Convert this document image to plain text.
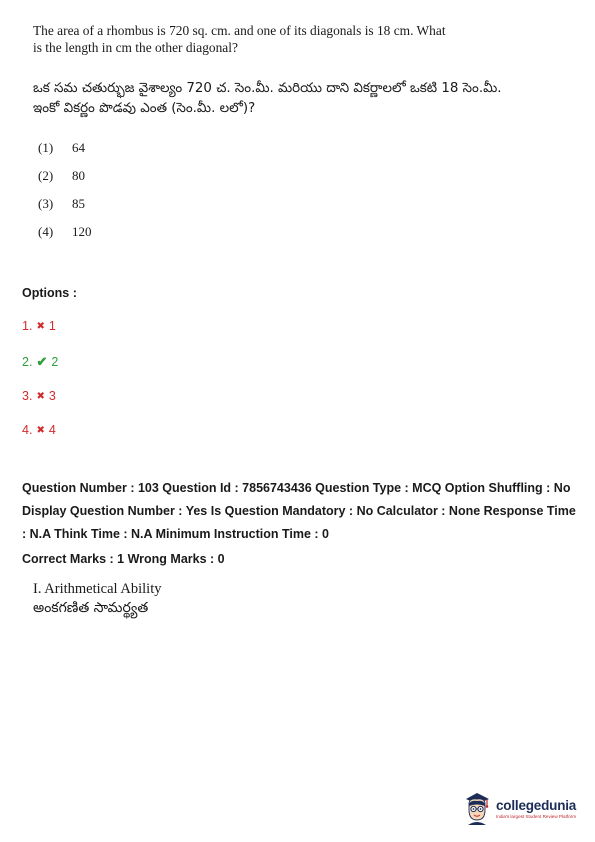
The area of a rhombus is 720 sq. cm. and one of its diagonals is 18 cm. What is the length in cm the other diagonal?
ఒక సమ చతుర్భుజ వైశాల్యం 720 చ. సెం.మీ. మరియు దాని వికర్ణాలలో ఒకటి 18 సెం.మీ. ఇంకో వికర్ణం పొడవు ఎంత (సెం.మీ. లలో)?
(1)	64
(2)	80
(3)	85
(4)	120
Options :
1. ✖ 1
2. ✔ 2
3. ✖ 3
4. ✖ 4
Question Number : 103 Question Id : 7856743436 Question Type : MCQ Option Shuffling : No Display Question Number : Yes Is Question Mandatory : No Calculator : None Response Time : N.A Think Time : N.A Minimum Instruction Time : 0
Correct Marks : 1 Wrong Marks : 0
I. Arithmetical Ability
అంకగణిత సామర్థ్యత
collegedunia
India's largest Student Review Platform
